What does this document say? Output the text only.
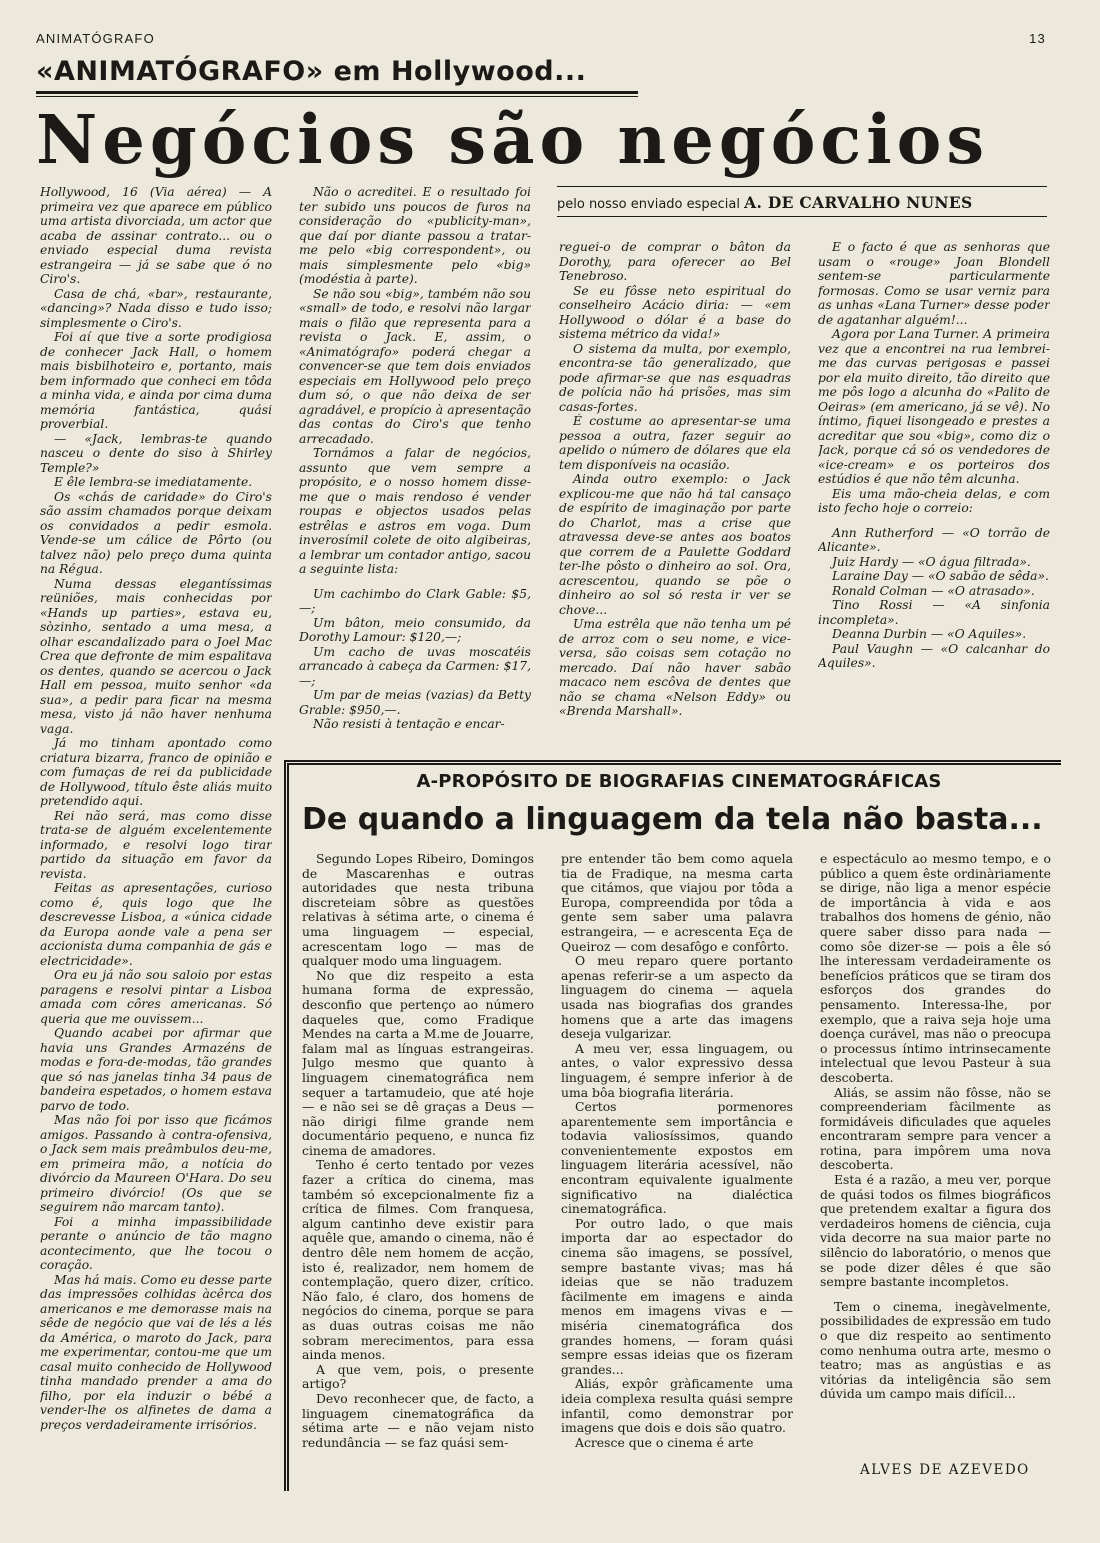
ANIMATÓGRAFO	13
«ANIMATÓGRAFO» em Hollywood...
Negócios são negócios

Hollywood, 16 (Via aérea) — A primeira vez que aparece em público uma artista divorciada, um actor que acaba de assinar contrato... ou o enviado especial duma revista estrangeira — já se sabe que ó no Ciro's.

Casa de chá, «bar», restaurante, «dancing»? Nada disso e tudo isso; simplesmente o Ciro's.

Foi aí que tive a sorte prodigiosa de conhecer Jack Hall, o homem mais bisbilhoteiro e, portanto, mais bem informado que conheci em tôda a minha vida, e ainda por cima duma memória fantástica, quási proverbial.

— «Jack, lembras-te quando nasceu o dente do siso à Shirley Temple?»

E êle lembra-se imediatamente.

Os «chás de caridade» do Ciro's são assim chamados porque deixam os convidados a pedir esmola. Vende-se um cálice de Pôrto (ou talvez não) pelo preço duma quinta na Régua.

Numa dessas elegantíssimas reüniões, mais conhecidas por «Hands up parties», estava eu, sòzinho, sentado a uma mesa, a olhar escandalizado para o Joel Mac Crea que defronte de mim espalitava os dentes, quando se acercou o Jack Hall em pessoa, muito senhor «da sua», a pedir para ficar na mesma mesa, visto já não haver nenhuma vaga.

Já mo tinham apontado como criatura bizarra, franco de opinião e com fumaças de rei da publicidade de Hollywood, título êste aliás muito pretendido aqui.

Rei não será, mas como disse trata-se de alguém excelentemente informado, e resolvi logo tirar partido da situação em favor da revista.

Feitas as apresentações, curioso como é, quis logo que lhe descrevesse Lisboa, a «única cidade da Europa aonde vale a pena ser accionista duma companhia de gás e electricidade».

Ora eu já não sou saloio por estas paragens e resolvi pintar a Lisboa amada com côres americanas. Só queria que me ouvissem...

Quando acabei por afirmar que havia uns Grandes Armazéns de modas e fora-de-modas, tão grandes que só nas janelas tinha 34 paus de bandeira espetados, o homem estava parvo de todo.

Mas não foi por isso que ficámos amigos. Passando à contra-ofensiva, o Jack sem mais preâmbulos deu-me, em primeira mão, a notícia do divórcio da Maureen O'Hara. Do seu primeiro divórcio! (Os que se seguirem não marcam tanto).

Foi a minha impassibilidade perante o anúncio de tão magno acontecimento, que lhe tocou o coração.

Mas há mais. Como eu desse parte das impressões colhidas àcêrca dos americanos e me demorasse mais na sêde de negócio que vai de lés a lés da América, o maroto do Jack, para me experimentar, contou-me que um casal muito conhecido de Hollywood tinha mandado prender a ama do filho, por ela induzir o bébé a vender-lhe os alfinetes de dama a preços verdadeiramente irrisórios.

Não o acreditei. E o resultado foi ter subido uns poucos de furos na consideração do «publicity-man», que daí por diante passou a tratar-me pelo «big correspondent», ou mais simplesmente pelo «big» (modéstia à parte).

Se não sou «big», também não sou «small» de todo, e resolvi não largar mais o filão que representa para a revista o Jack. E, assim, o «Animatógrafo» poderá chegar a convencer-se que tem dois enviados especiais em Hollywood pelo preço dum só, o que não deixa de ser agradável, e propício à apresentação das contas do Ciro's que tenho arrecadado.

Tornámos a falar de negócios, assunto que vem sempre a propósito, e o nosso homem disse-me que o mais rendoso é vender roupas e objectos usados pelas estrêlas e astros em voga. Dum inverosímil colete de oito algibeiras, a lembrar um contador antigo, sacou a seguinte lista:

Um cachimbo do Clark Gable: $5,—;

Um bâton, meio consumido, da Dorothy Lamour: $120,—;

Um cacho de uvas moscatéis arrancado à cabeça da Carmen: $17,—;

Um par de meias (vazias) da Betty Grable: $950,—.

Não resisti à tentação e encar-

pelo nosso enviado especial A. DE CARVALHO NUNES

reguei-o de comprar o bâton da Dorothy, para oferecer ao Bel Tenebroso.

Se eu fôsse neto espiritual do conselheiro Acácio diria: — «em Hollywood o dólar é a base do sistema métrico da vida!»

O sistema da multa, por exemplo, encontra-se tão generalizado, que pode afirmar-se que nas esquadras de polícia não há prisões, mas sim casas-fortes.

É costume ao apresentar-se uma pessoa a outra, fazer seguir ao apelido o número de dólares que ela tem disponíveis na ocasião.

Ainda outro exemplo: o Jack explicou-me que não há tal cansaço de espírito de imaginação por parte do Charlot, mas a crise que atravessa deve-se antes aos boatos que correm de a Paulette Goddard ter-lhe pôsto o dinheiro ao sol. Ora, acrescentou, quando se põe o dinheiro ao sol só resta ir ver se chove...

Uma estrêla que não tenha um pé de arroz com o seu nome, e vice-versa, são coisas sem cotação no mercado. Daí não haver sabão macaco nem escôva de dentes que não se chama «Nelson Eddy» ou «Brenda Marshall».

E o facto é que as senhoras que usam o «rouge» Joan Blondell sentem-se particularmente formosas. Como se usar verniz para as unhas «Lana Turner» desse poder de agatanhar alguém!...

Agora por Lana Turner. A primeira vez que a encontrei na rua lembrei-me das curvas perigosas e passei por ela muito direito, tão direito que me pôs logo a alcunha do «Palito de Oeiras» (em americano, já se vê). No íntimo, fiquei lisongeado e prestes a acreditar que sou «big», como diz o Jack, porque cá só os vendedores de «ice-cream» e os porteiros dos estúdios é que não têm alcunha.

Eis uma mão-cheia delas, e com isto fecho hoje o correio:

Ann Rutherford — «O torrão de Alicante».

Juiz Hardy — «O água filtrada».

Laraine Day — «O sabão de sêda».

Ronald Colman — «O atrasado».

Tino Rossi — «A sinfonia incompleta».

Deanna Durbin — «O Aquiles».

Paul Vaughn — «O calcanhar do Aquiles».

A-PROPÓSITO DE BIOGRAFIAS CINEMATOGRÁFICAS
De quando a linguagem da tela não basta...

Segundo Lopes Ribeiro, Domingos de Mascarenhas e outras autoridades que nesta tribuna discreteiam sôbre as questões relativas à sétima arte, o cinema é uma linguagem — especial, acrescentam logo — mas de qualquer modo uma linguagem.

No que diz respeito a esta humana forma de expressão, desconfio que pertenço ao número daqueles que, como Fradique Mendes na carta a M.me de Jouarre, falam mal as línguas estrangeiras. Julgo mesmo que quanto à linguagem cinematográfica nem sequer a tartamudeio, que até hoje — e não sei se dê graças a Deus — não dirigi filme grande nem documentário pequeno, e nunca fiz cinema de amadores.

Tenho é certo tentado por vezes fazer a crítica do cinema, mas também só excepcionalmente fiz a crítica de filmes. Com franquesa, algum cantinho deve existir para aquêle que, amando o cinema, não é dentro dêle nem homem de acção, isto é, realizador, nem homem de contemplação, quero dizer, crítico. Não falo, é claro, dos homens de negócios do cinema, porque se para as duas outras coisas me não sobram merecimentos, para essa ainda menos.

A que vem, pois, o presente artigo?

Devo reconhecer que, de facto, a linguagem cinematográfica da sétima arte — e não vejam nisto redundância — se faz quási sem-

pre entender tão bem como aquela tia de Fradique, na mesma carta que citámos, que viajou por tôda a Europa, compreendida por tôda a gente sem saber uma palavra estrangeira, — e acrescenta Eça de Queiroz — com desafôgo e confôrto.

O meu reparo quere portanto apenas referir-se a um aspecto da linguagem do cinema — aquela usada nas biografias dos grandes homens que a arte das imagens deseja vulgarizar.

A meu ver, essa linguagem, ou antes, o valor expressivo dessa linguagem, é sempre inferior à de uma bôa biografia literária.

Certos pormenores aparentemente sem importância e todavia valiosíssimos, quando convenientemente expostos em linguagem literária acessível, não encontram equivalente igualmente significativo na dialéctica cinematográfica.

Por outro lado, o que mais importa dar ao espectador do cinema são imagens, se possível, sempre bastante vivas; mas há ideias que se não traduzem fàcilmente em imagens e ainda menos em imagens vivas e — miséria cinematográfica dos grandes homens, — foram quási sempre essas ideias que os fizeram grandes...

Aliás, expôr gràficamente uma ideia complexa resulta quási sempre infantil, como demonstrar por imagens que dois e dois são quatro.

Acresce que o cinema é arte

e espectáculo ao mesmo tempo, e o público a quem êste ordinàriamente se dirige, não liga a menor espécie de importância à vida e aos trabalhos dos homens de génio, não quere saber disso para nada — como sôe dizer-se — pois a êle só lhe interessam verdadeiramente os benefícios práticos que se tiram dos esforços dos grandes do pensamento. Interessa-lhe, por exemplo, que a raiva seja hoje uma doença curável, mas não o preocupa o processus íntimo intrinsecamente intelectual que levou Pasteur à sua descoberta.

Aliás, se assim não fôsse, não se compreenderiam fàcilmente as formidáveis dificulades que aqueles encontraram sempre para vencer a rotina, para impôrem uma nova descoberta.

Esta é a razão, a meu ver, porque de quási todos os filmes biográficos que pretendem exaltar a figura dos verdadeiros homens de ciência, cuja vida decorre na sua maior parte no silêncio do laboratório, o menos que se pode dizer dêles é que são sempre bastante incompletos.

Tem o cinema, inegàvelmente, possibilidades de expressão em tudo o que diz respeito ao sentimento como nenhuma outra arte, mesmo o teatro; mas as angústias e as vitórias da inteligência são sem dúvida um campo mais difícil...

ALVES DE AZEVEDO
